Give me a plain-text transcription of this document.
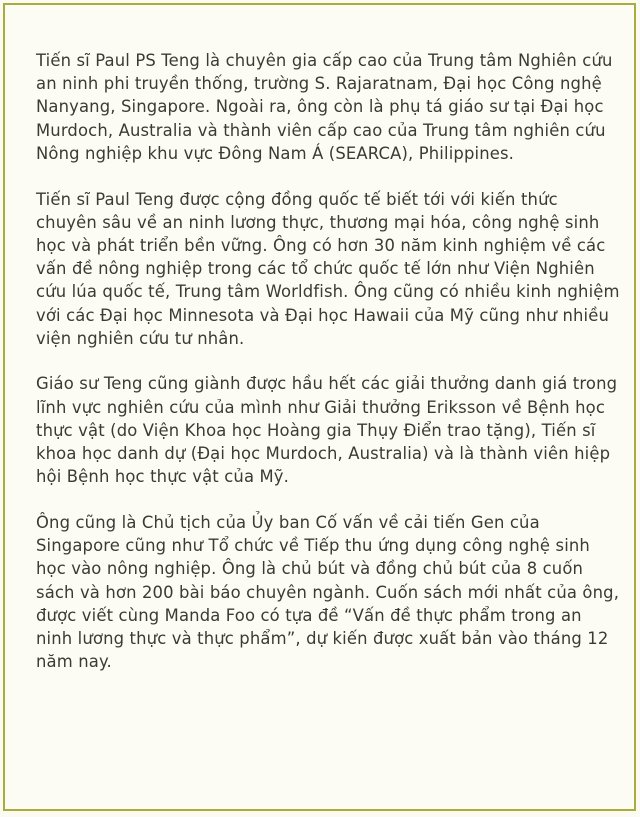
Tiến sĩ Paul PS Teng là chuyên gia cấp cao của Trung tâm Nghiên cứu an ninh phi truyền thống, trường S. Rajaratnam, Đại học Công nghệ Nanyang, Singapore. Ngoài ra, ông còn là phụ tá giáo sư tại Đại học Murdoch, Australia và thành viên cấp cao của Trung tâm nghiên cứu Nông nghiệp khu vực Đông Nam Á (SEARCA), Philippines.

Tiến sĩ Paul Teng được cộng đồng quốc tế biết tới với kiến thức chuyên sâu về an ninh lương thực, thương mại hóa, công nghệ sinh học và phát triển bền vững. Ông có hơn 30 năm kinh nghiệm về các vấn đề nông nghiệp trong các tổ chức quốc tế lớn như Viện Nghiên cứu lúa quốc tế, Trung tâm Worldfish. Ông cũng có nhiều kinh nghiệm với các Đại học Minnesota và Đại học Hawaii của Mỹ cũng như nhiều viện nghiên cứu tư nhân.

Giáo sư Teng cũng giành được hầu hết các giải thưởng danh giá trong lĩnh vực nghiên cứu của mình như Giải thưởng Eriksson về Bệnh học thực vật (do Viện Khoa học Hoàng gia Thụy Điển trao tặng), Tiến sĩ khoa học danh dự (Đại học Murdoch, Australia) và là thành viên hiệp hội Bệnh học thực vật của Mỹ.

Ông cũng là Chủ tịch của Ủy ban Cố vấn về cải tiến Gen của Singapore cũng như Tổ chức về Tiếp thu ứng dụng công nghệ sinh học vào nông nghiệp. Ông là chủ bút và đồng chủ bút của 8 cuốn sách và hơn 200 bài báo chuyên ngành. Cuốn sách mới nhất của ông, được viết cùng Manda Foo có tựa đề “Vấn đề thực phẩm trong an ninh lương thực và thực phẩm”, dự kiến được xuất bản vào tháng 12 năm nay.
